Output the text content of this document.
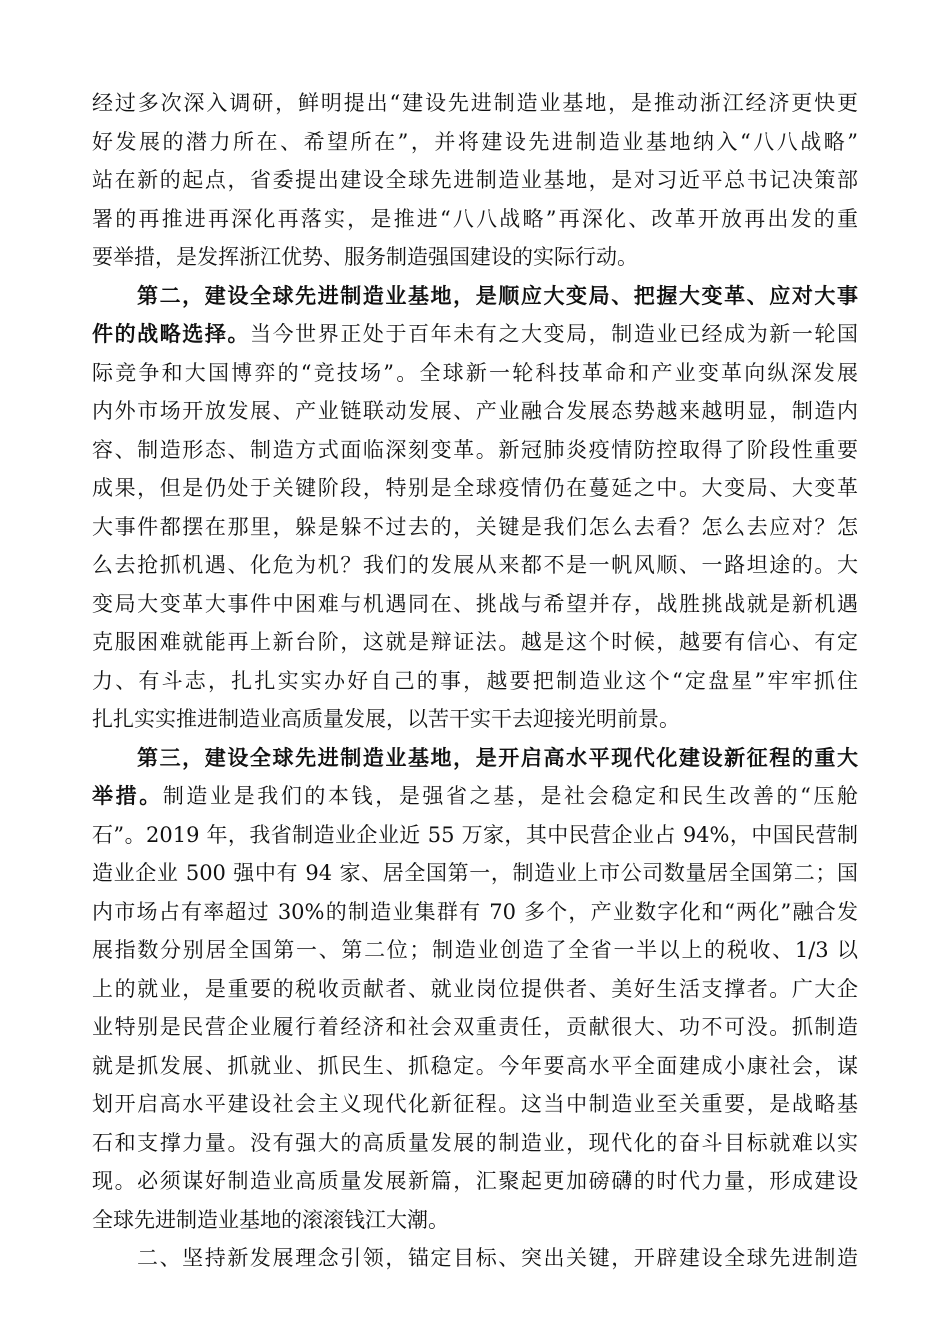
经过多次深入调研，鲜明提出“建设先进制造业基地，是推动浙江经济更快更
好发展的潜力所在、希望所在”，并将建设先进制造业基地纳入“八八战略”
站在新的起点，省委提出建设全球先进制造业基地，是对习近平总书记决策部
署的再推进再深化再落实，是推进“八八战略”再深化、改革开放再出发的重
要举措，是发挥浙江优势、服务制造强国建设的实际行动。
第二，建设全球先进制造业基地，是顺应大变局、把握大变革、应对大事
件的战略选择。当今世界正处于百年未有之大变局，制造业已经成为新一轮国
际竞争和大国博弈的“竞技场”。全球新一轮科技革命和产业变革向纵深发展
内外市场开放发展、产业链联动发展、产业融合发展态势越来越明显，制造内
容、制造形态、制造方式面临深刻变革。新冠肺炎疫情防控取得了阶段性重要
成果，但是仍处于关键阶段，特别是全球疫情仍在蔓延之中。大变局、大变革
大事件都摆在那里，躲是躲不过去的，关键是我们怎么去看？怎么去应对？怎
么去抢抓机遇、化危为机？我们的发展从来都不是一帆风顺、一路坦途的。大
变局大变革大事件中困难与机遇同在、挑战与希望并存，战胜挑战就是新机遇
克服困难就能再上新台阶，这就是辩证法。越是这个时候，越要有信心、有定
力、有斗志，扎扎实实办好自己的事，越要把制造业这个“定盘星”牢牢抓住
扎扎实实推进制造业高质量发展，以苦干实干去迎接光明前景。
第三，建设全球先进制造业基地，是开启高水平现代化建设新征程的重大
举措。制造业是我们的本钱，是强省之基，是社会稳定和民生改善的“压舱
石”。2019 年，我省制造业企业近 55 万家，其中民营企业占 94%，中国民营制
造业企业 500 强中有 94 家、居全国第一，制造业上市公司数量居全国第二；国
内市场占有率超过 30%的制造业集群有 70 多个，产业数字化和“两化”融合发
展指数分别居全国第一、第二位；制造业创造了全省一半以上的税收、1/3 以
上的就业，是重要的税收贡献者、就业岗位提供者、美好生活支撑者。广大企
业特别是民营企业履行着经济和社会双重责任，贡献很大、功不可没。抓制造
就是抓发展、抓就业、抓民生、抓稳定。今年要高水平全面建成小康社会，谋
划开启高水平建设社会主义现代化新征程。这当中制造业至关重要，是战略基
石和支撑力量。没有强大的高质量发展的制造业，现代化的奋斗目标就难以实
现。必须谋好制造业高质量发展新篇，汇聚起更加磅礴的时代力量，形成建设
全球先进制造业基地的滚滚钱江大潮。
二、坚持新发展理念引领，锚定目标、突出关键，开辟建设全球先进制造
